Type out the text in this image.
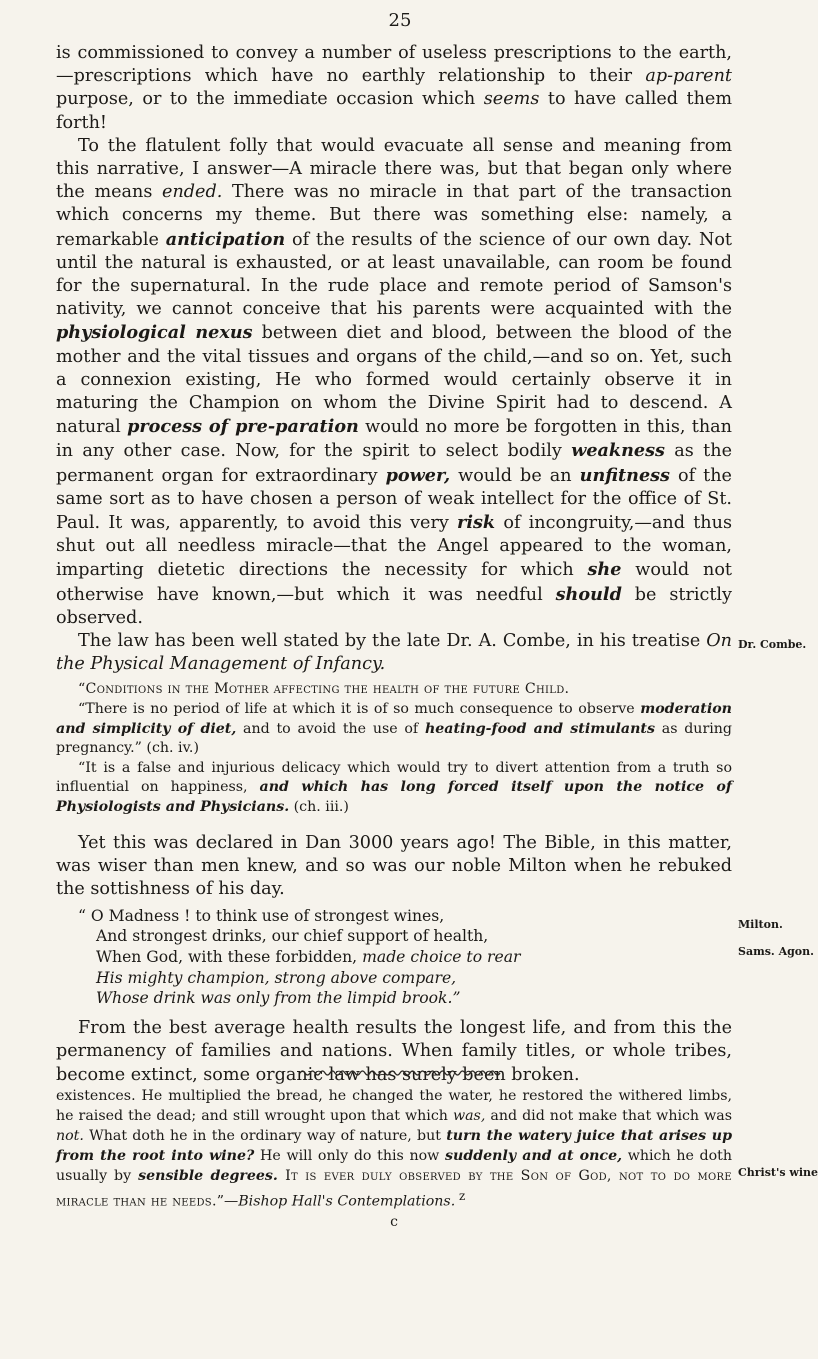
25

is commissioned to convey a number of useless prescriptions to the earth,—prescriptions which have no earthly relationship to their ap-parent purpose, or to the immediate occasion which seems to have called them forth!

To the flatulent folly that would evacuate all sense and meaning from this narrative, I answer—A miracle there was, but that began only where the means ended. There was no miracle in that part of the transaction which concerns my theme. But there was something else: namely, a remarkable anticipation of the results of the science of our own day. Not until the natural is exhausted, or at least unavailable, can room be found for the supernatural. In the rude place and remote period of Samson's nativity, we cannot conceive that his parents were acquainted with the physiological nexus between diet and blood, between the blood of the mother and the vital tissues and organs of the child,—and so on. Yet, such a connexion existing, He who formed would certainly observe it in maturing the Champion on whom the Divine Spirit had to descend. A natural process of pre-paration would no more be forgotten in this, than in any other case. Now, for the spirit to select bodily weakness as the permanent organ for extraordinary power, would be an unfitness of the same sort as to have chosen a person of weak intellect for the office of St. Paul. It was, apparently, to avoid this very risk of incongruity,—and thus shut out all needless miracle—that the Angel appeared to the woman, imparting dietetic directions the necessity for which she would not otherwise have known,—but which it was needful should be strictly observed.

The law has been well stated by the late Dr. A. Combe, in his treatise On the Physical Management of Infancy.

“Conditions in the Mother affecting the health of the future Child.

“There is no period of life at which it is of so much consequence to observe moderation and simplicity of diet, and to avoid the use of heating-food and stimulants as during pregnancy.” (ch. iv.)

“It is a false and injurious delicacy which would try to divert attention from a truth so influential on happiness, and which has long forced itself upon the notice of Physiologists and Physicians. (ch. iii.)

Yet this was declared in Dan 3000 years ago! The Bible, in this matter, was wiser than men knew, and so was our noble Milton when he rebuked the sottishness of his day.

“ O Madness ! to think use of strongest wines,
And strongest drinks, our chief support of health,
When God, with these forbidden, made choice to rear
His mighty champion, strong above compare,
Whose drink was only from the limpid brook.”

From the best average health results the longest life, and from this the permanency of families and nations. When family titles, or whole tribes, become extinct, some organic law has surely been broken.

existences. He multiplied the bread, he changed the water, he restored the withered limbs, he raised the dead; and still wrought upon that which was, and did not make that which was not. What doth he in the ordinary way of nature, but turn the watery juice that arises up from the root into wine? He will only do this now suddenly and at once, which he doth usually by sensible degrees. It is ever duly observed by the Son of God, not to do more miracle than he needs.”—Bishop Hall's Contemplations. $^z$

c
Dr. Combe.
Milton.
Sams. Agon.
Christ's wine
